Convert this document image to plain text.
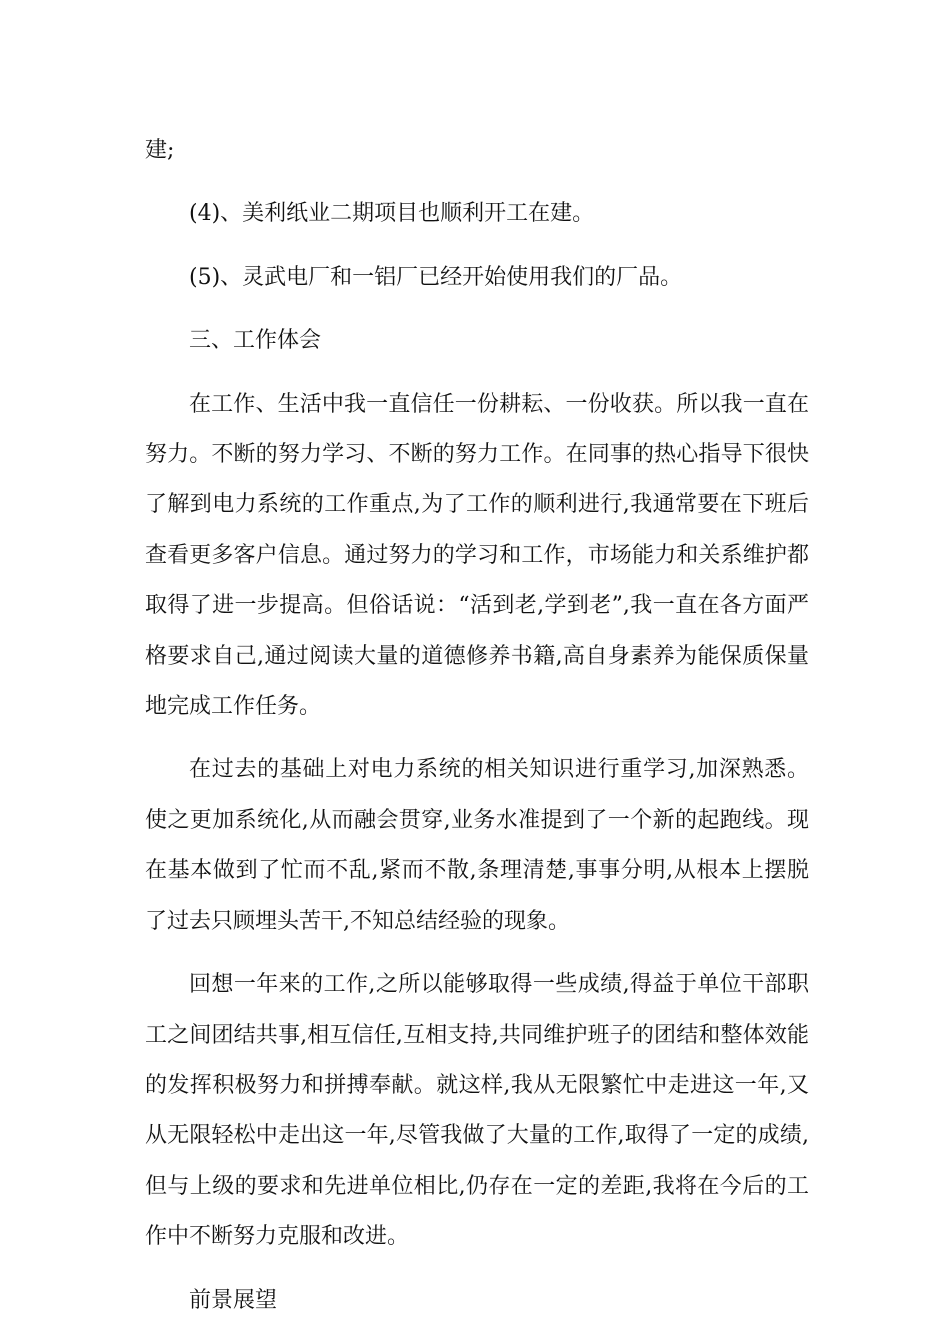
建;

(4)、美利纸业二期项目也顺利开工在建。

(5)、灵武电厂和一铝厂已经开始使用我们的厂品。

三、工作体会

在工作、生活中我一直信任一份耕耘、一份收获。所以我一直在努力。不断的努力学习、不断的努力工作。在同事的热心指导下很快了解到电力系统的工作重点,为了工作的顺利进行,我通常要在下班后查看更多客户信息。通过努力的学习和工作，市场能力和关系维护都取得了进一步提高。但俗话说：“活到老,学到老”,我一直在各方面严格要求自己,通过阅读大量的道德修养书籍,高自身素养为能保质保量地完成工作任务。

在过去的基础上对电力系统的相关知识进行重学习,加深熟悉。使之更加系统化,从而融会贯穿,业务水准提到了一个新的起跑线。现在基本做到了忙而不乱,紧而不散,条理清楚,事事分明,从根本上摆脱了过去只顾埋头苦干,不知总结经验的现象。

回想一年来的工作,之所以能够取得一些成绩,得益于单位干部职工之间团结共事,相互信任,互相支持,共同维护班子的团结和整体效能的发挥积极努力和拼搏奉献。就这样,我从无限繁忙中走进这一年,又从无限轻松中走出这一年,尽管我做了大量的工作,取得了一定的成绩,但与上级的要求和先进单位相比,仍存在一定的差距,我将在今后的工作中不断努力克服和改进。

前景展望
